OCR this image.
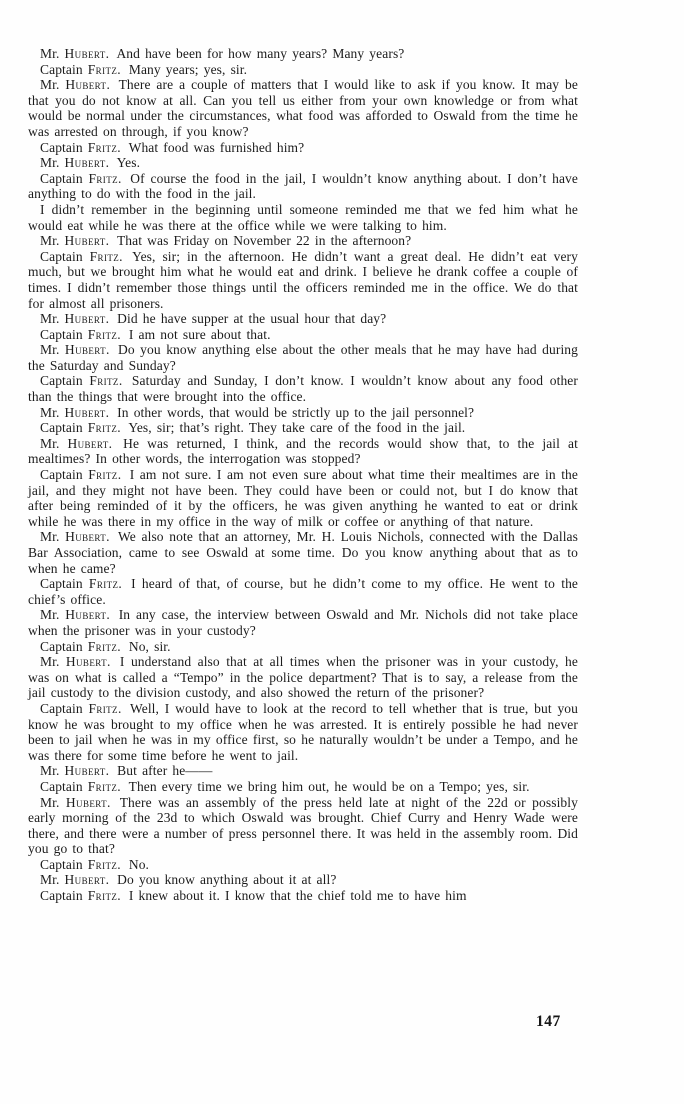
Mr. Hubert. And have been for how many years? Many years?

Captain Fritz. Many years; yes, sir.

Mr. Hubert. There are a couple of matters that I would like to ask if you know. It may be that you do not know at all. Can you tell us either from your own knowledge or from what would be normal under the circumstances, what food was afforded to Oswald from the time he was arrested on through, if you know?

Captain Fritz. What food was furnished him?

Mr. Hubert. Yes.

Captain Fritz. Of course the food in the jail, I wouldn’t know anything about. I don’t have anything to do with the food in the jail.

I didn’t remember in the beginning until someone reminded me that we fed him what he would eat while he was there at the office while we were talking to him.

Mr. Hubert. That was Friday on November 22 in the afternoon?

Captain Fritz. Yes, sir; in the afternoon. He didn’t want a great deal. He didn’t eat very much, but we brought him what he would eat and drink. I believe he drank coffee a couple of times. I didn’t remember those things until the officers reminded me in the office. We do that for almost all prisoners.

Mr. Hubert. Did he have supper at the usual hour that day?

Captain Fritz. I am not sure about that.

Mr. Hubert. Do you know anything else about the other meals that he may have had during the Saturday and Sunday?

Captain Fritz. Saturday and Sunday, I don’t know. I wouldn’t know about any food other than the things that were brought into the office.

Mr. Hubert. In other words, that would be strictly up to the jail personnel?

Captain Fritz. Yes, sir; that’s right. They take care of the food in the jail.

Mr. Hubert. He was returned, I think, and the records would show that, to the jail at mealtimes? In other words, the interrogation was stopped?

Captain Fritz. I am not sure. I am not even sure about what time their mealtimes are in the jail, and they might not have been. They could have been or could not, but I do know that after being reminded of it by the officers, he was given anything he wanted to eat or drink while he was there in my office in the way of milk or coffee or anything of that nature.

Mr. Hubert. We also note that an attorney, Mr. H. Louis Nichols, connected with the Dallas Bar Association, came to see Oswald at some time. Do you know anything about that as to when he came?

Captain Fritz. I heard of that, of course, but he didn’t come to my office. He went to the chief’s office.

Mr. Hubert. In any case, the interview between Oswald and Mr. Nichols did not take place when the prisoner was in your custody?

Captain Fritz. No, sir.

Mr. Hubert. I understand also that at all times when the prisoner was in your custody, he was on what is called a “Tempo” in the police department? That is to say, a release from the jail custody to the division custody, and also showed the return of the prisoner?

Captain Fritz. Well, I would have to look at the record to tell whether that is true, but you know he was brought to my office when he was arrested. It is entirely possible he had never been to jail when he was in my office first, so he naturally wouldn’t be under a Tempo, and he was there for some time before he went to jail.

Mr. Hubert. But after he——

Captain Fritz. Then every time we bring him out, he would be on a Tempo; yes, sir.

Mr. Hubert. There was an assembly of the press held late at night of the 22d or possibly early morning of the 23d to which Oswald was brought. Chief Curry and Henry Wade were there, and there were a number of press personnel there. It was held in the assembly room. Did you go to that?

Captain Fritz. No.

Mr. Hubert. Do you know anything about it at all?

Captain Fritz. I knew about it. I know that the chief told me to have him

147
